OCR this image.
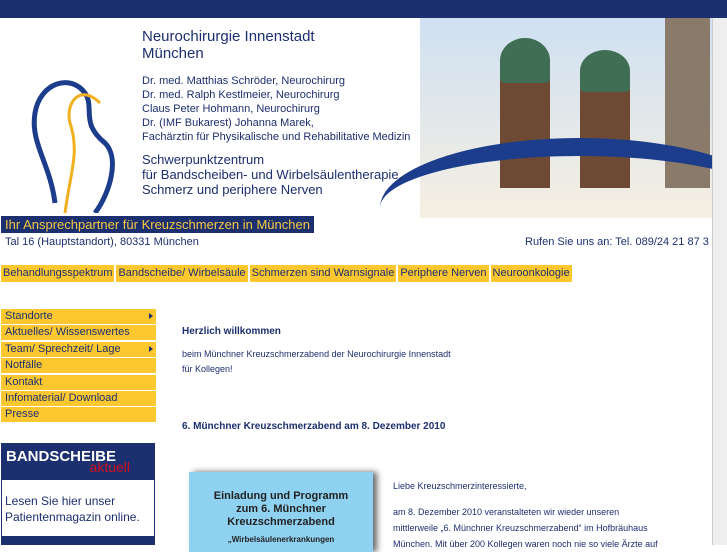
Neurochirurgie Innenstadt
München
Dr. med. Matthias Schröder, Neurochirurg
Dr. med. Ralph Kestlmeier, Neurochirurg
Claus Peter Hohmann, Neurochirurg
Dr. (IMF Bukarest) Johanna Marek,
Fachärztin für Physikalische und Rehabilitative Medizin
Schwerpunktzentrum
für Bandscheiben- und Wirbelsäulentherapie,
Schmerz und periphere Nerven
Ihr Ansprechpartner für Kreuzschmerzen in München
Tal 16 (Hauptstandort), 80331 München	Rufen Sie uns an: Tel. 089/24 21 87 3
Behandlungsspektrum Bandscheibe/ Wirbelsäule Schmerzen sind Warnsignale Periphere Nerven Neuroonkologie
Standorte
Aktuelles/ Wissenswertes
Team/ Sprechzeit/ Lage
Notfälle
Kontakt
Infomaterial/ Download
Presse
BANDSCHEIBE
aktuell
Lesen Sie hier unser Patientenmagazin online.
Herzlich willkommen
beim Münchner Kreuzschmerzabend der Neurochirurgie Innenstadt
für Kollegen!
6. Münchner Kreuzschmerzabend am 8. Dezember 2010
Einladung und Programm
zum 6. Münchner
Kreuzschmerzabend
„Wirbelsäulenerkrankungen
Liebe Kreuzschmerzinteressierte,
am 8. Dezember 2010 veranstalteten wir wieder unseren
mittlerweile „6. Münchner Kreuzschmerzabend“ im Hofbräuhaus
München. Mit über 200 Kollegen waren noch nie so viele Ärzte auf
